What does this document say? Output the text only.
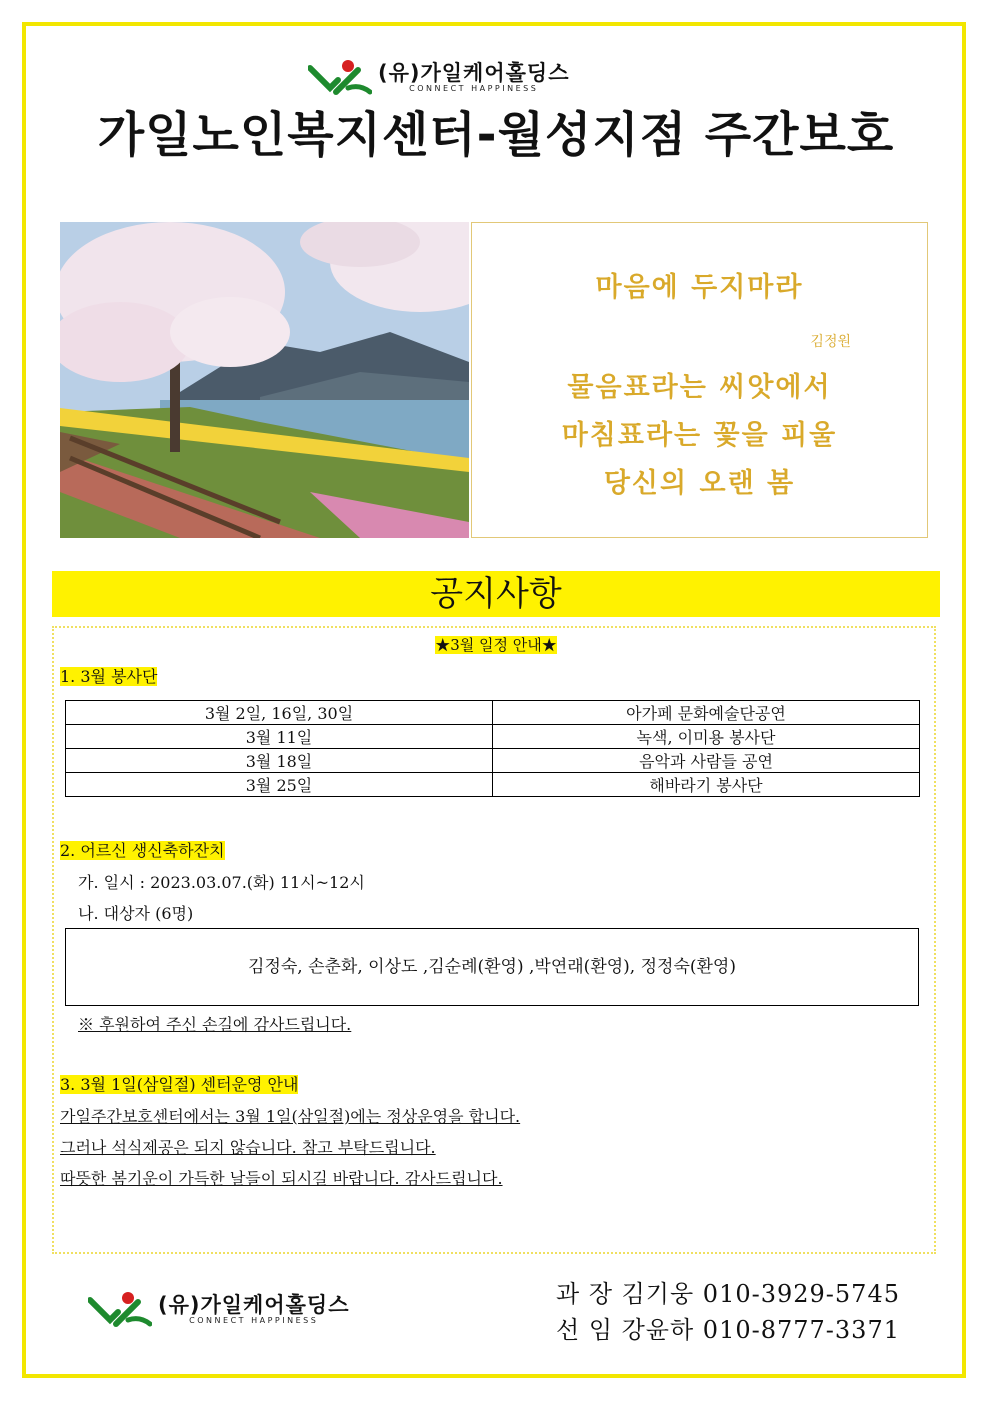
(유)가일케어홀딩스
CONNECT HAPPINESS
가일노인복지센터-월성지점 주간보호
마음에 두지마라
김정원
물음표라는 씨앗에서
마침표라는 꽃을 피울
당신의 오랜 봄
공지사항
★3월 일정 안내★
1. 3월 봉사단
3월 2일, 16일, 30일	아가페 문화예술단공연
3월 11일	녹색, 이미용 봉사단
3월 18일	음악과 사람들 공연
3월 25일	해바라기 봉사단
2. 어르신 생신축하잔치
가. 일시 : 2023.03.07.(화) 11시~12시
나. 대상자 (6명)
김정숙, 손춘화, 이상도 ,김순례(환영) ,박연래(환영), 정정숙(환영)
※ 후원하여 주신 손길에 감사드립니다.
3. 3월 1일(삼일절) 센터운영 안내
가일주간보호센터에서는 3월 1일(삼일절)에는 정상운영을 합니다.
그러나 석식제공은 되지 않습니다. 참고 부탁드립니다.
따뜻한 봄기운이 가득한 날들이 되시길 바랍니다. 감사드립니다.
(유)가일케어홀딩스
CONNECT HAPPINESS
과 장 김기웅 010-3929-5745
선 임 강윤하 010-8777-3371
